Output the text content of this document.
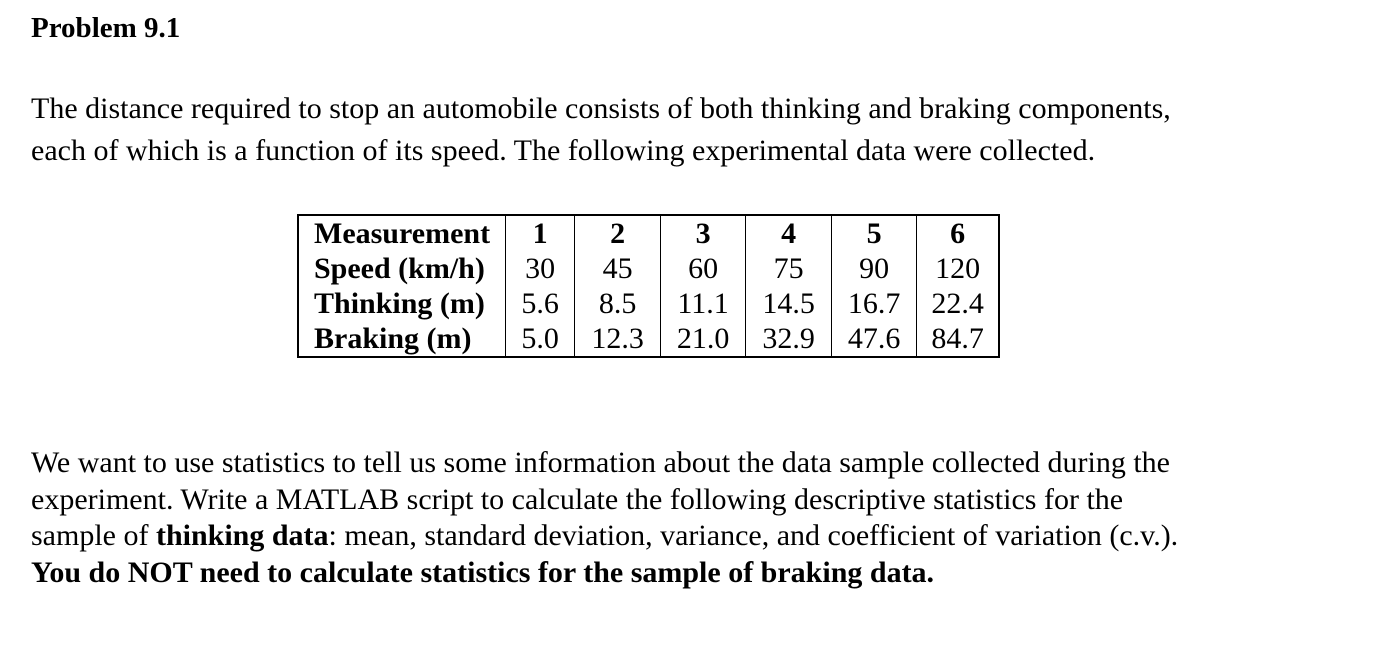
Problem 9.1
The distance required to stop an automobile consists of both thinking and braking components,
each of which is a function of its speed. The following experimental data were collected.
Measurement	1	2	3	4	5	6
Speed (km/h)	30	45	60	75	90	120
Thinking (m)	5.6	8.5	11.1	14.5	16.7	22.4
Braking (m)	5.0	12.3	21.0	32.9	47.6	84.7
We want to use statistics to tell us some information about the data sample collected during the
experiment. Write a MATLAB script to calculate the following descriptive statistics for the
sample of thinking data: mean, standard deviation, variance, and coefficient of variation (c.v.).
You do NOT need to calculate statistics for the sample of braking data.
